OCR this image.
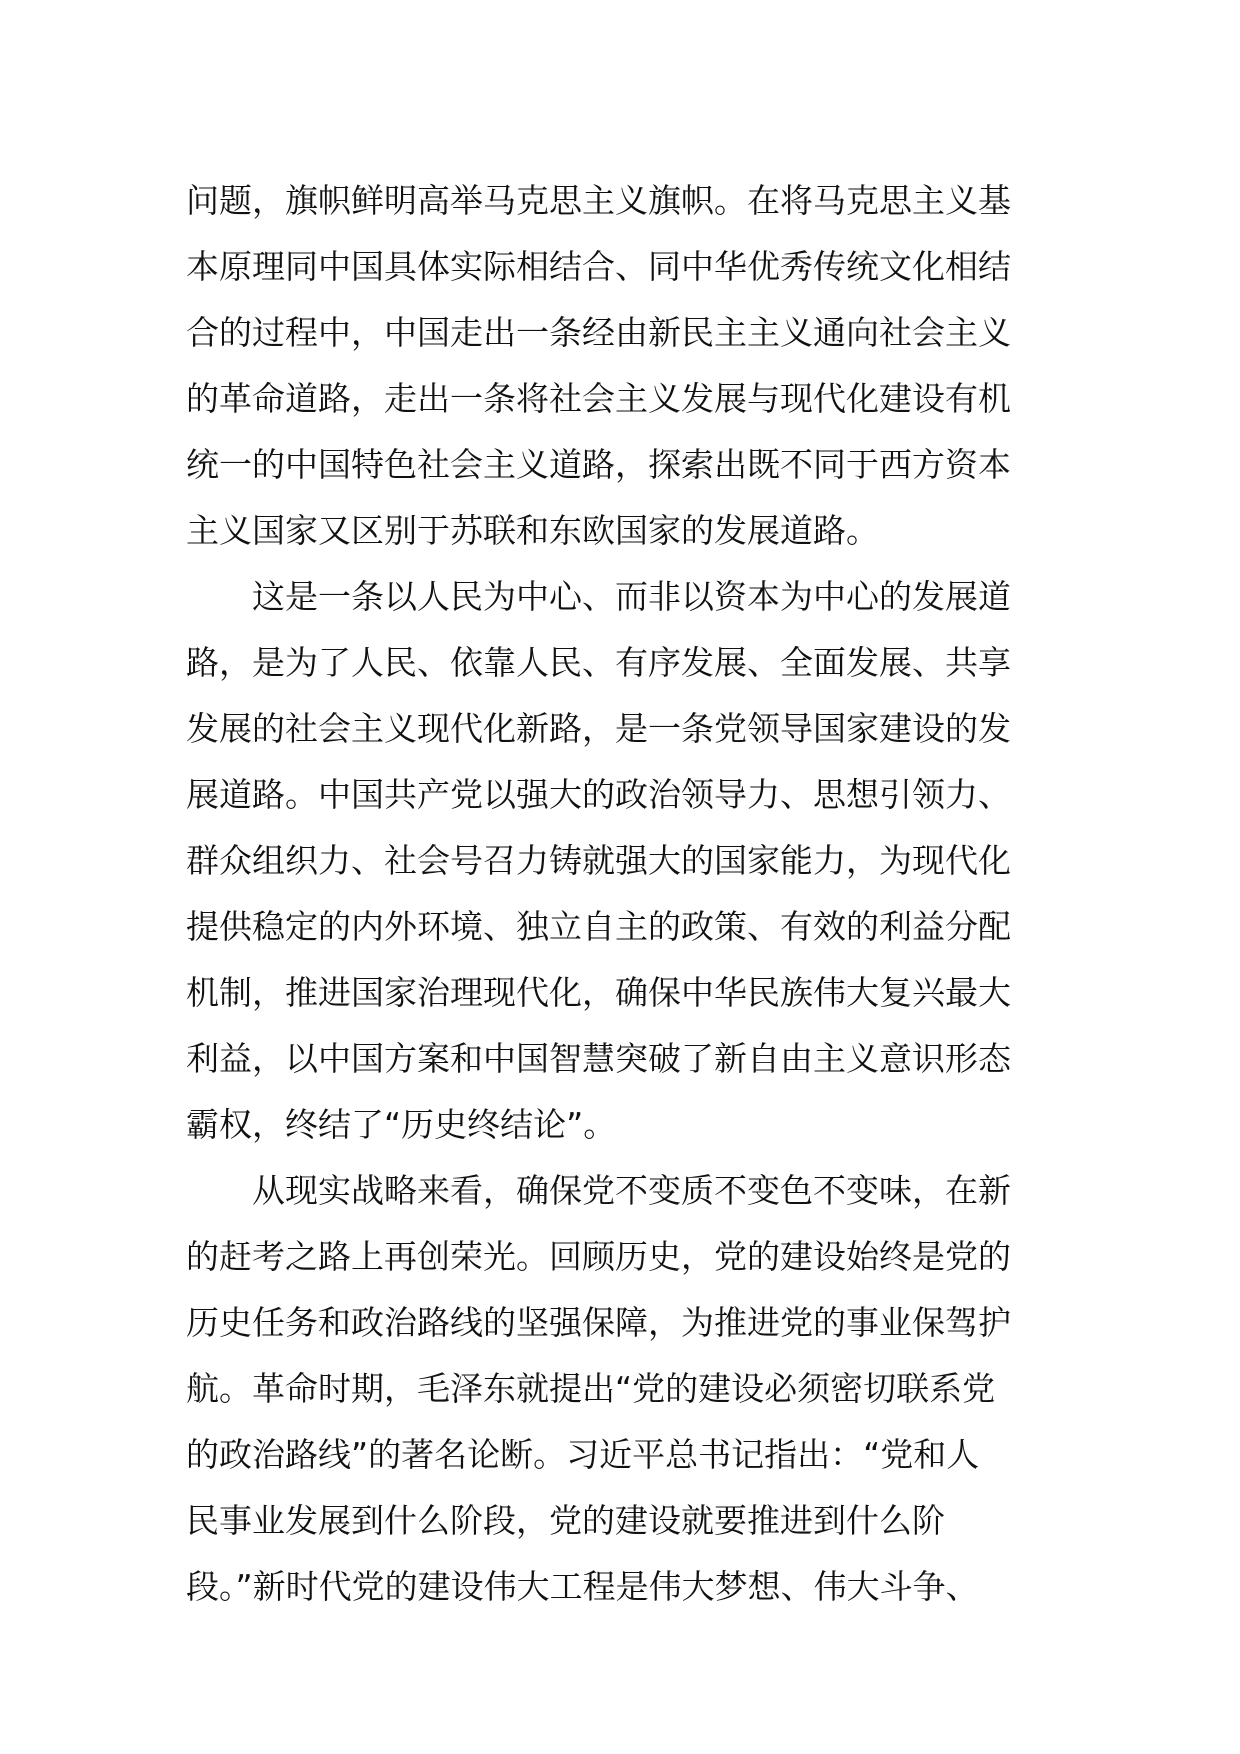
问题，旗帜鲜明高举马克思主义旗帜。在将马克思主义基
本原理同中国具体实际相结合、同中华优秀传统文化相结
合的过程中，中国走出一条经由新民主主义通向社会主义
的革命道路，走出一条将社会主义发展与现代化建设有机
统一的中国特色社会主义道路，探索出既不同于西方资本
主义国家又区别于苏联和东欧国家的发展道路。
这是一条以人民为中心、而非以资本为中心的发展道
路，是为了人民、依靠人民、有序发展、全面发展、共享
发展的社会主义现代化新路，是一条党领导国家建设的发
展道路。中国共产党以强大的政治领导力、思想引领力、
群众组织力、社会号召力铸就强大的国家能力，为现代化
提供稳定的内外环境、独立自主的政策、有效的利益分配
机制，推进国家治理现代化，确保中华民族伟大复兴最大
利益，以中国方案和中国智慧突破了新自由主义意识形态
霸权，终结了“历史终结论”。
从现实战略来看，确保党不变质不变色不变味，在新
的赶考之路上再创荣光。回顾历史，党的建设始终是党的
历史任务和政治路线的坚强保障，为推进党的事业保驾护
航。革命时期，毛泽东就提出“党的建设必须密切联系党
的政治路线”的著名论断。习近平总书记指出：“党和人
民事业发展到什么阶段，党的建设就要推进到什么阶
段。”新时代党的建设伟大工程是伟大梦想、伟大斗争、
